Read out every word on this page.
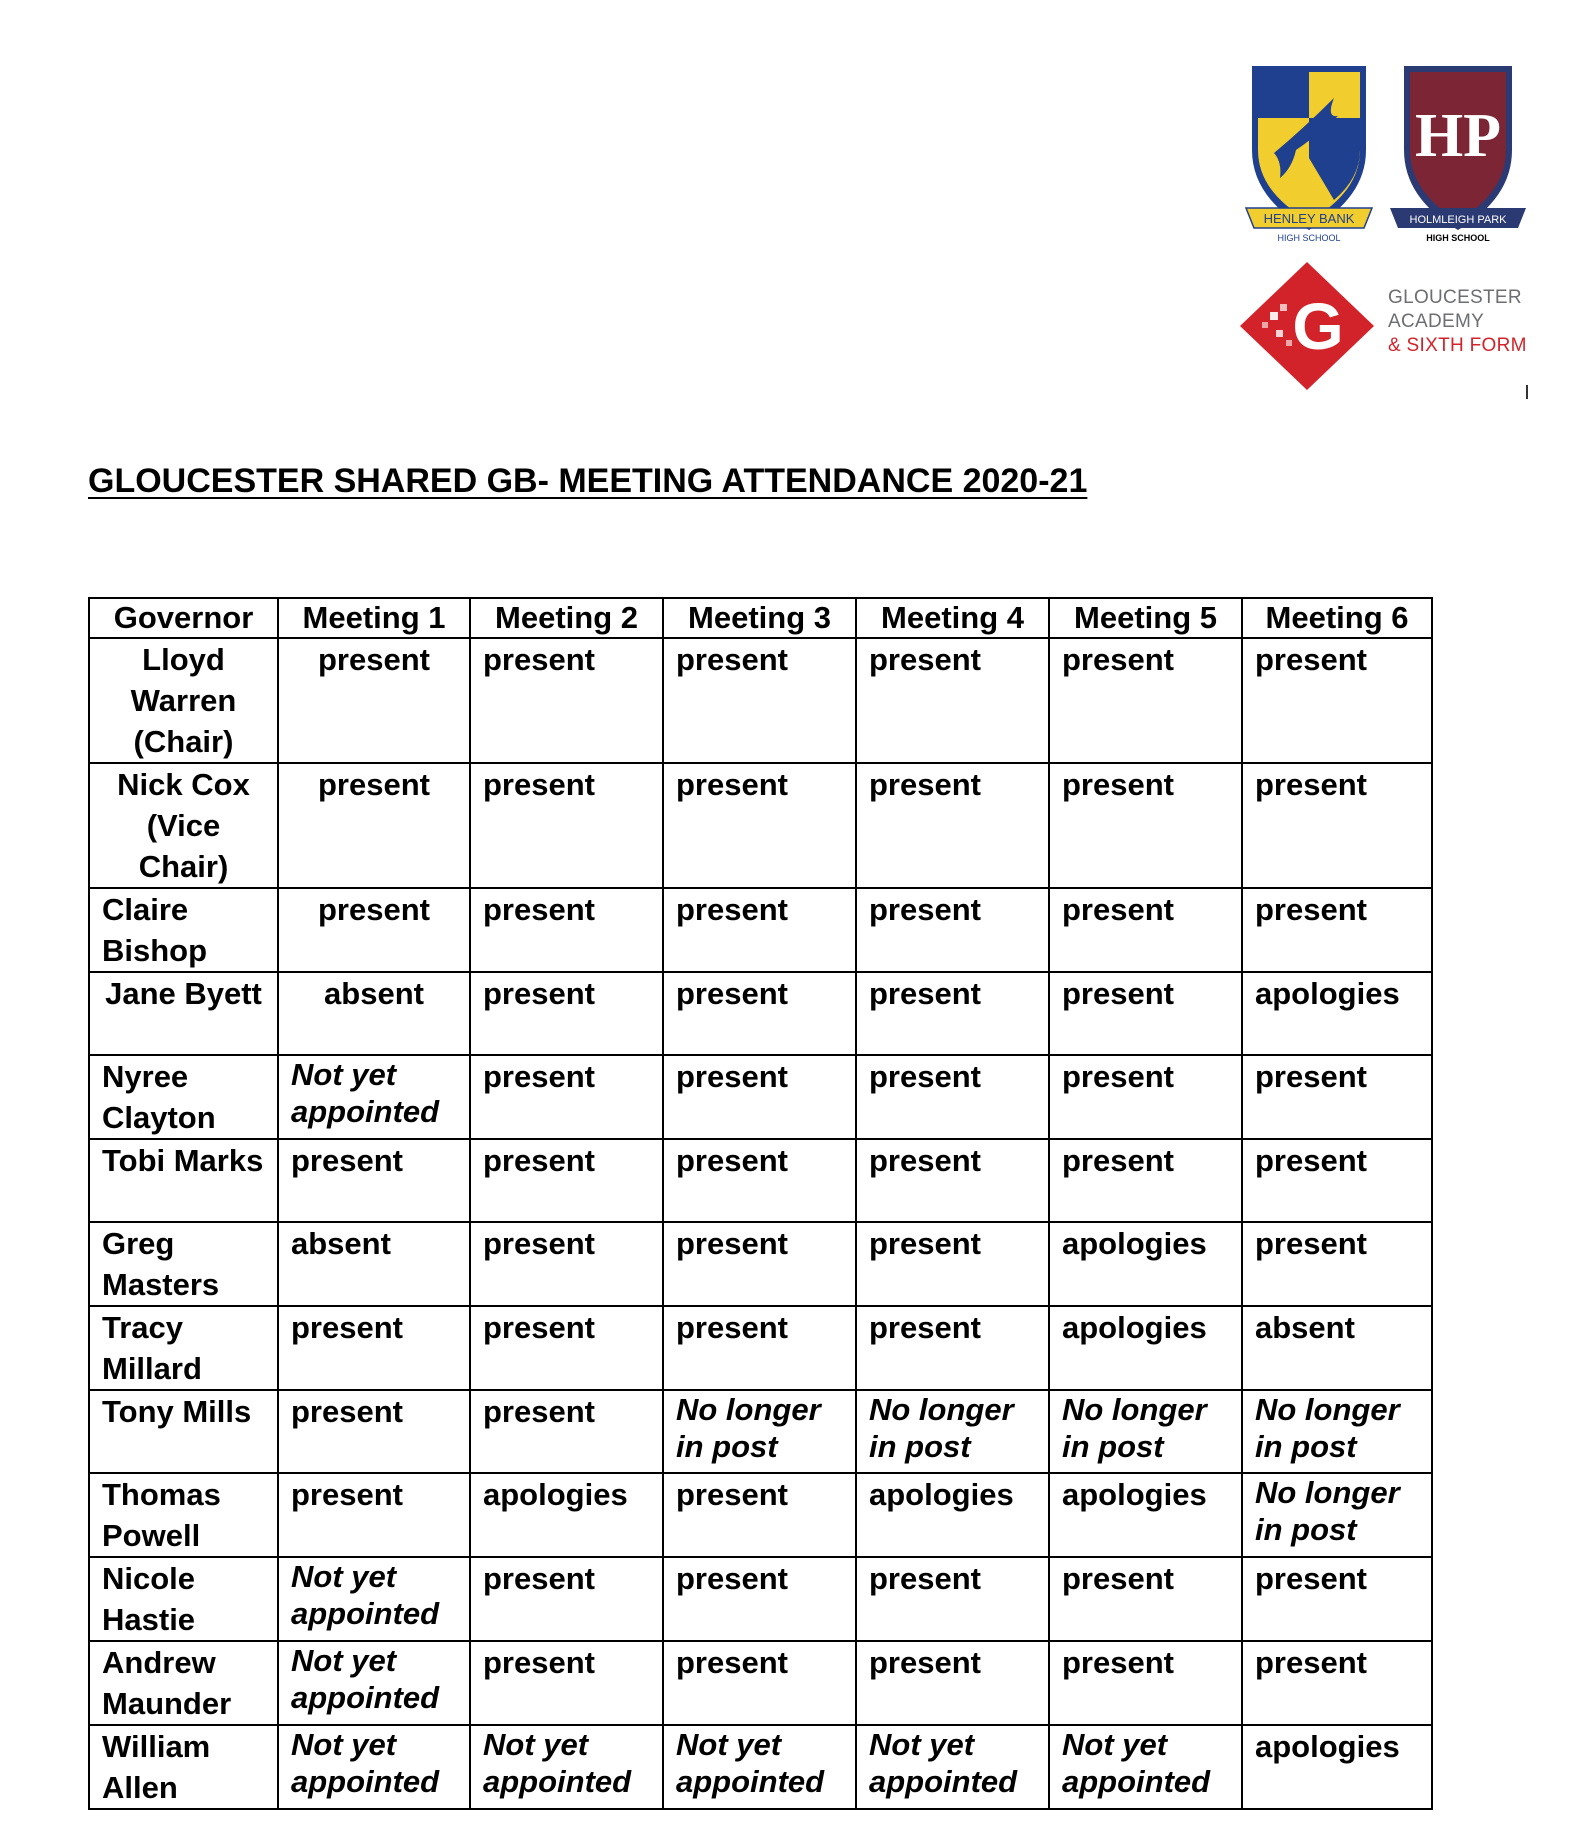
HENLEY BANK
HIGH SCHOOL
HP
HOLMLEIGH PARK
HIGH SCHOOL
G GLOUCESTER
ACADEMY
& SIXTH FORM
GLOUCESTER SHARED GB- MEETING ATTENDANCE 2020-21
Governor	Meeting 1	Meeting 2	Meeting 3	Meeting 4	Meeting 5	Meeting 6
Lloyd Warren (Chair)	present	present	present	present	present	present
Nick Cox (Vice Chair)	present	present	present	present	present	present
Claire Bishop	present	present	present	present	present	present
Jane Byett	absent	present	present	present	present	apologies
Nyree Clayton	Not yet appointed	present	present	present	present	present
Tobi Marks	present	present	present	present	present	present
Greg Masters	absent	present	present	present	apologies	present
Tracy Millard	present	present	present	present	apologies	absent
Tony Mills	present	present	No longer in post	No longer in post	No longer in post	No longer in post
Thomas Powell	present	apologies	present	apologies	apologies	No longer in post
Nicole Hastie	Not yet appointed	present	present	present	present	present
Andrew Maunder	Not yet appointed	present	present	present	present	present
William Allen	Not yet appointed	Not yet appointed	Not yet appointed	Not yet appointed	Not yet appointed	apologies
